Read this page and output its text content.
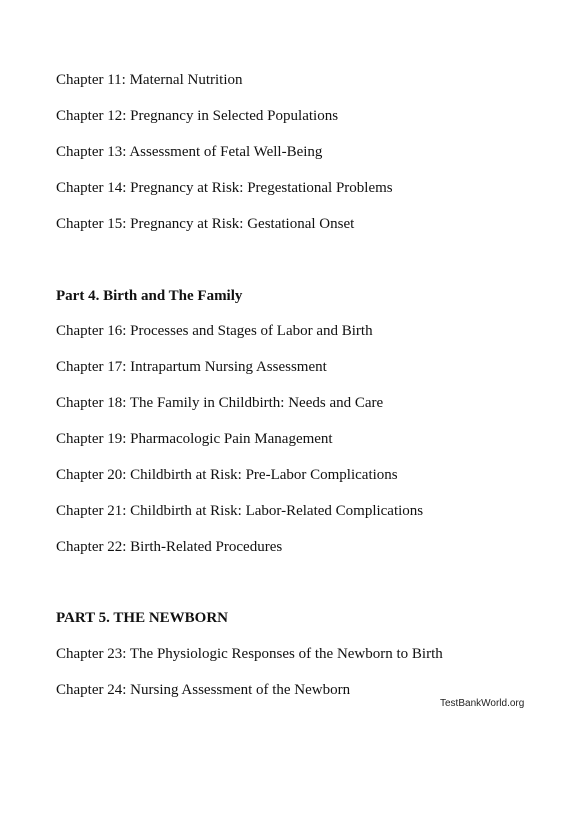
Chapter 11: Maternal Nutrition
Chapter 12: Pregnancy in Selected Populations
Chapter 13: Assessment of Fetal Well-Being
Chapter 14: Pregnancy at Risk: Pregestational Problems
Chapter 15: Pregnancy at Risk: Gestational Onset
Part 4. Birth and The Family
Chapter 16: Processes and Stages of Labor and Birth
Chapter 17: Intrapartum Nursing Assessment
Chapter 18: The Family in Childbirth: Needs and Care
Chapter 19: Pharmacologic Pain Management
Chapter 20: Childbirth at Risk: Pre-Labor Complications
Chapter 21: Childbirth at Risk: Labor-Related Complications
Chapter 22: Birth-Related Procedures
PART 5. THE NEWBORN
Chapter 23: The Physiologic Responses of the Newborn to Birth
Chapter 24: Nursing Assessment of the Newborn
TestBankWorld.org
